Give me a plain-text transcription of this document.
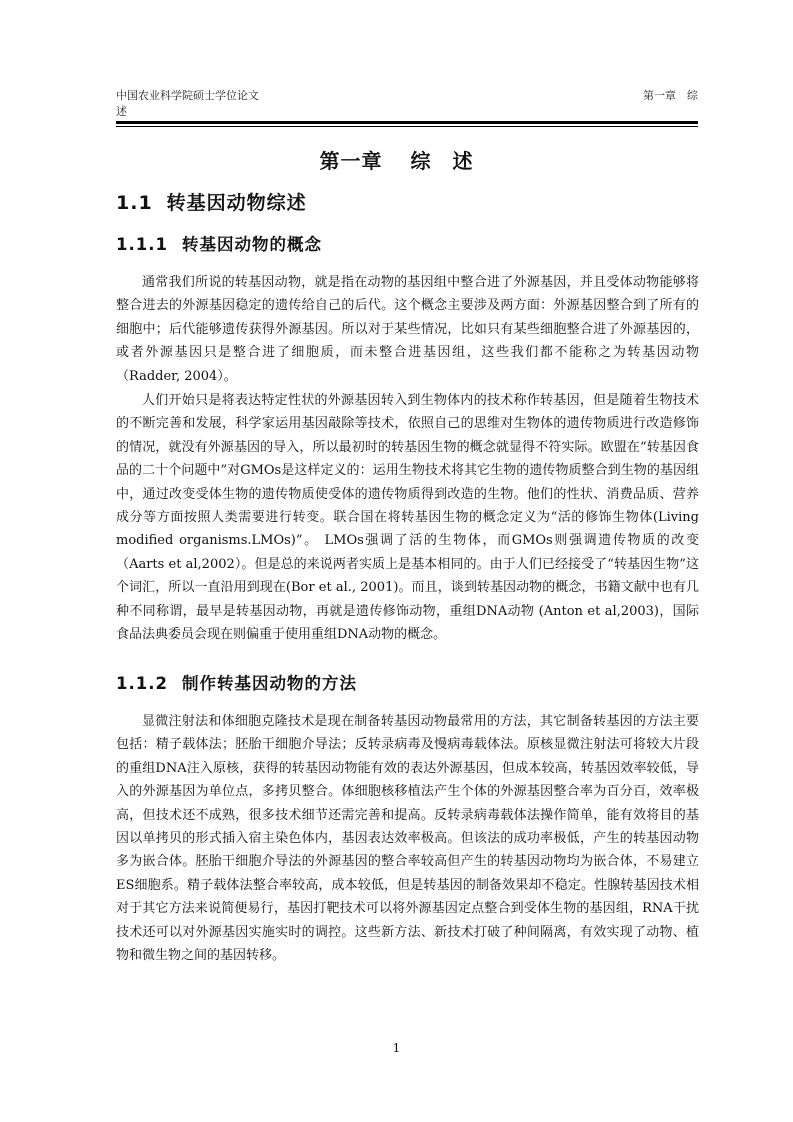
中国农业科学院硕士学位论文	第一章　综
述
第一章 综　述
1.1 转基因动物综述
1.1.1 转基因动物的概念

通常我们所说的转基因动物，就是指在动物的基因组中整合进了外源基因，并且受体动物能够将整合进去的外源基因稳定的遗传给自己的后代。这个概念主要涉及两方面：外源基因整合到了所有的细胞中；后代能够遗传获得外源基因。所以对于某些情况，比如只有某些细胞整合进了外源基因的，或者外源基因只是整合进了细胞质，而未整合进基因组，这些我们都不能称之为转基因动物（Radder, 2004）。

人们开始只是将表达特定性状的外源基因转入到生物体内的技术称作转基因，但是随着生物技术的不断完善和发展，科学家运用基因敲除等技术，依照自己的思维对生物体的遗传物质进行改造修饰的情况，就没有外源基因的导入，所以最初时的转基因生物的概念就显得不符实际。欧盟在“转基因食品的二十个问题中”对GMOs是这样定义的：运用生物技术将其它生物的遗传物质整合到生物的基因组中，通过改变受体生物的遗传物质使受体的遗传物质得到改造的生物。他们的性状、消费品质、营养成分等方面按照人类需要进行转变。联合国在将转基因生物的概念定义为“活的修饰生物体(Living modified organisms.LMOs)”。 LMOs强调了活的生物体，而GMOs则强调遗传物质的改变（Aarts et al,2002）。但是总的来说两者实质上是基本相同的。由于人们已经接受了“转基因生物”这个词汇，所以一直沿用到现在(Bor et al., 2001)。而且，谈到转基因动物的概念，书籍文献中也有几种不同称谓，最早是转基因动物，再就是遗传修饰动物，重组DNA动物 (Anton et al,2003)，国际食品法典委员会现在则偏重于使用重组DNA动物的概念。

1.1.2 制作转基因动物的方法

显微注射法和体细胞克隆技术是现在制备转基因动物最常用的方法，其它制备转基因的方法主要包括：精子载体法；胚胎干细胞介导法；反转录病毒及慢病毒载体法。原核显微注射法可将较大片段的重组DNA注入原核，获得的转基因动物能有效的表达外源基因，但成本较高，转基因效率较低，导入的外源基因为单位点，多拷贝整合。体细胞核移植法产生个体的外源基因整合率为百分百，效率极高，但技术还不成熟，很多技术细节还需完善和提高。反转录病毒载体法操作简单，能有效将目的基因以单拷贝的形式插入宿主染色体内，基因表达效率极高。但该法的成功率极低，产生的转基因动物多为嵌合体。胚胎干细胞介导法的外源基因的整合率较高但产生的转基因动物均为嵌合体，不易建立ES细胞系。精子载体法整合率较高，成本较低，但是转基因的制备效果却不稳定。性腺转基因技术相对于其它方法来说简便易行，基因打靶技术可以将外源基因定点整合到受体生物的基因组，RNA干扰技术还可以对外源基因实施实时的调控。这些新方法、新技术打破了种间隔离，有效实现了动物、植物和微生物之间的基因转移。

1
